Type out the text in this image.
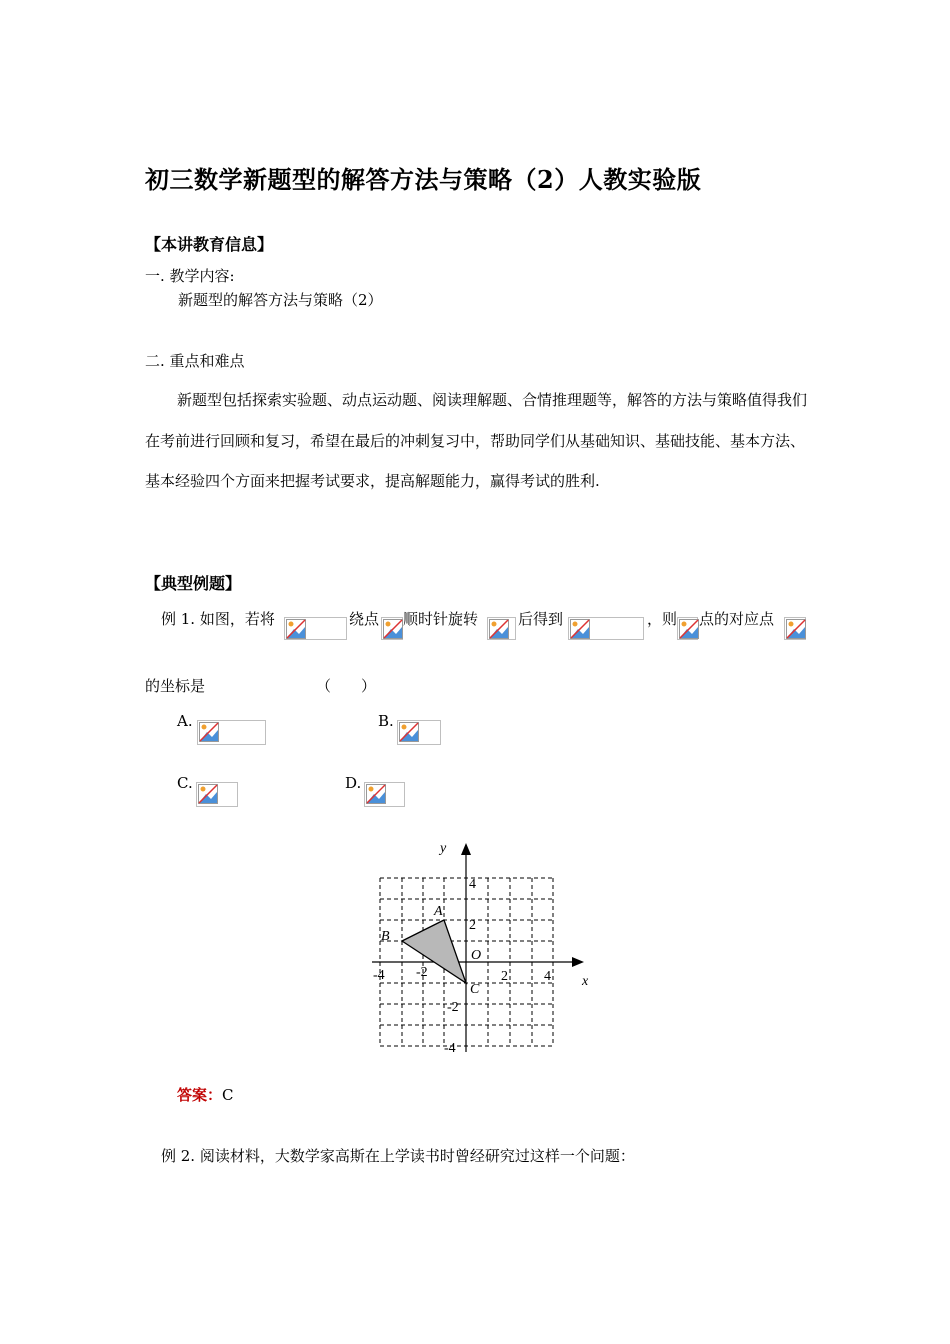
初三数学新题型的解答方法与策略（2）人教实验版
【本讲教育信息】
一. 教学内容:
新题型的解答方法与策略（2）
二. 重点和难点
新题型包括探索实验题、动点运动题、阅读理解题、合情推理题等，解答的方法与策略值得我们在考前进行回顾和复习，希望在最后的冲刺复习中，帮助同学们从基础知识、基础技能、基本方法、基本经验四个方面来把握考试要求，提高解题能力，赢得考试的胜利.
【典型例题】
例 1. 如图，若将	绕点 顺时针旋转	后得到	，则 点的对应点
的坐标是	（　　）
A.	B.
C.	D.
x
y
O
A
B
C
-4 -2	2	4
4
2
-2
-4
答案：C
例 2. 阅读材料，大数学家高斯在上学读书时曾经研究过这样一个问题：
